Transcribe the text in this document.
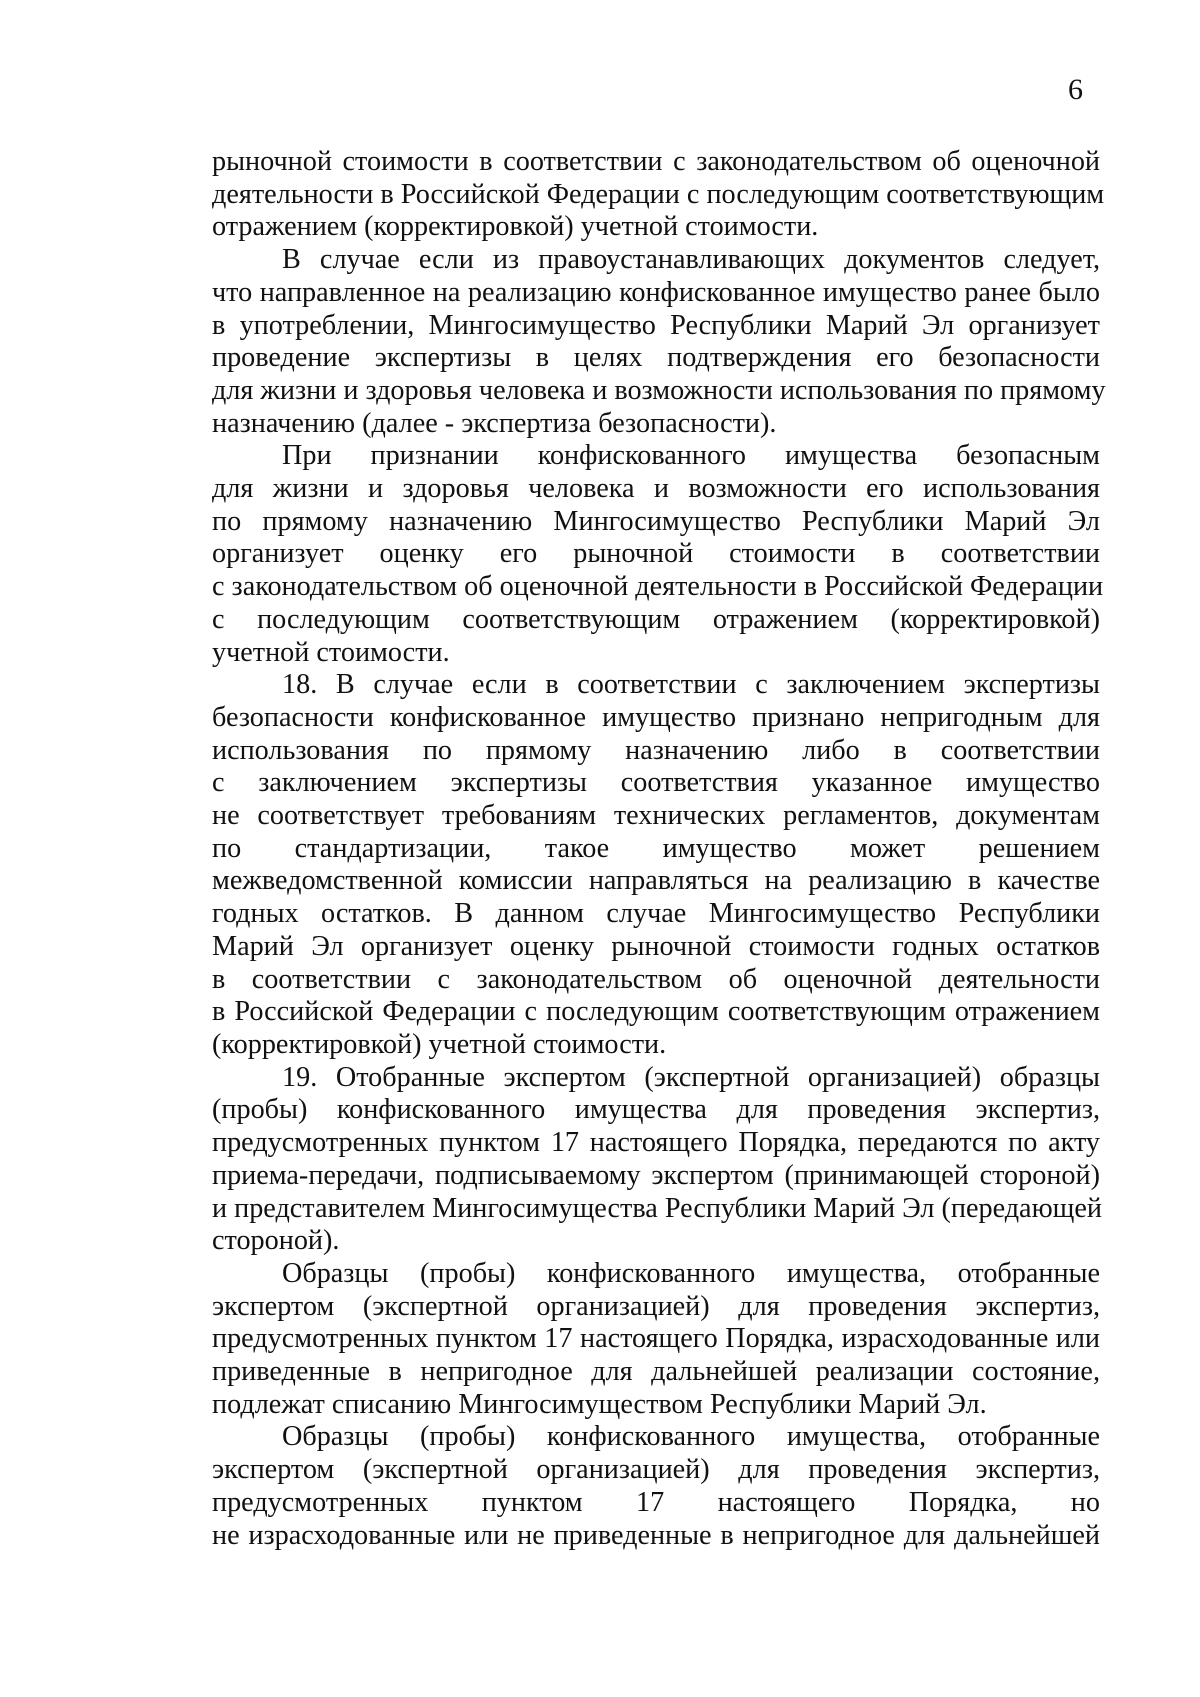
6
рыночной стоимости в соответствии с законодательством об оценочной
деятельности в Российской Федерации с последующим соответствующим
отражением (корректировкой) учетной стоимости.
В случае если из правоустанавливающих документов следует,
что направленное на реализацию конфискованное имущество ранее было
в употреблении, Мингосимущество Республики Марий Эл организует
проведение экспертизы в целях подтверждения его безопасности
для жизни и здоровья человека и возможности использования по прямому
назначению (далее - экспертиза безопасности).
При признании конфискованного имущества безопасным
для жизни и здоровья человека и возможности его использования
по прямому назначению Мингосимущество Республики Марий Эл
организует оценку его рыночной стоимости в соответствии
с законодательством об оценочной деятельности в Российской Федерации
с последующим соответствующим отражением (корректировкой)
учетной стоимости.
18. В случае если в соответствии с заключением экспертизы
безопасности конфискованное имущество признано непригодным для
использования по прямому назначению либо в соответствии
с заключением экспертизы соответствия указанное имущество
не соответствует требованиям технических регламентов, документам
по стандартизации, такое имущество может решением
межведомственной комиссии направляться на реализацию в качестве
годных остатков. В данном случае Мингосимущество Республики
Марий Эл организует оценку рыночной стоимости годных остатков
в соответствии с законодательством об оценочной деятельности
в Российской Федерации с последующим соответствующим отражением
(корректировкой) учетной стоимости.
19. Отобранные экспертом (экспертной организацией) образцы
(пробы) конфискованного имущества для проведения экспертиз,
предусмотренных пунктом 17 настоящего Порядка, передаются по акту
приема-передачи, подписываемому экспертом (принимающей стороной)
и представителем Мингосимущества Республики Марий Эл (передающей
стороной).
Образцы (пробы) конфискованного имущества, отобранные
экспертом (экспертной организацией) для проведения экспертиз,
предусмотренных пунктом 17 настоящего Порядка, израсходованные или
приведенные в непригодное для дальнейшей реализации состояние,
подлежат списанию Мингосимуществом Республики Марий Эл.
Образцы (пробы) конфискованного имущества, отобранные
экспертом (экспертной организацией) для проведения экспертиз,
предусмотренных пунктом 17 настоящего Порядка, но
не израсходованные или не приведенные в непригодное для дальнейшей
